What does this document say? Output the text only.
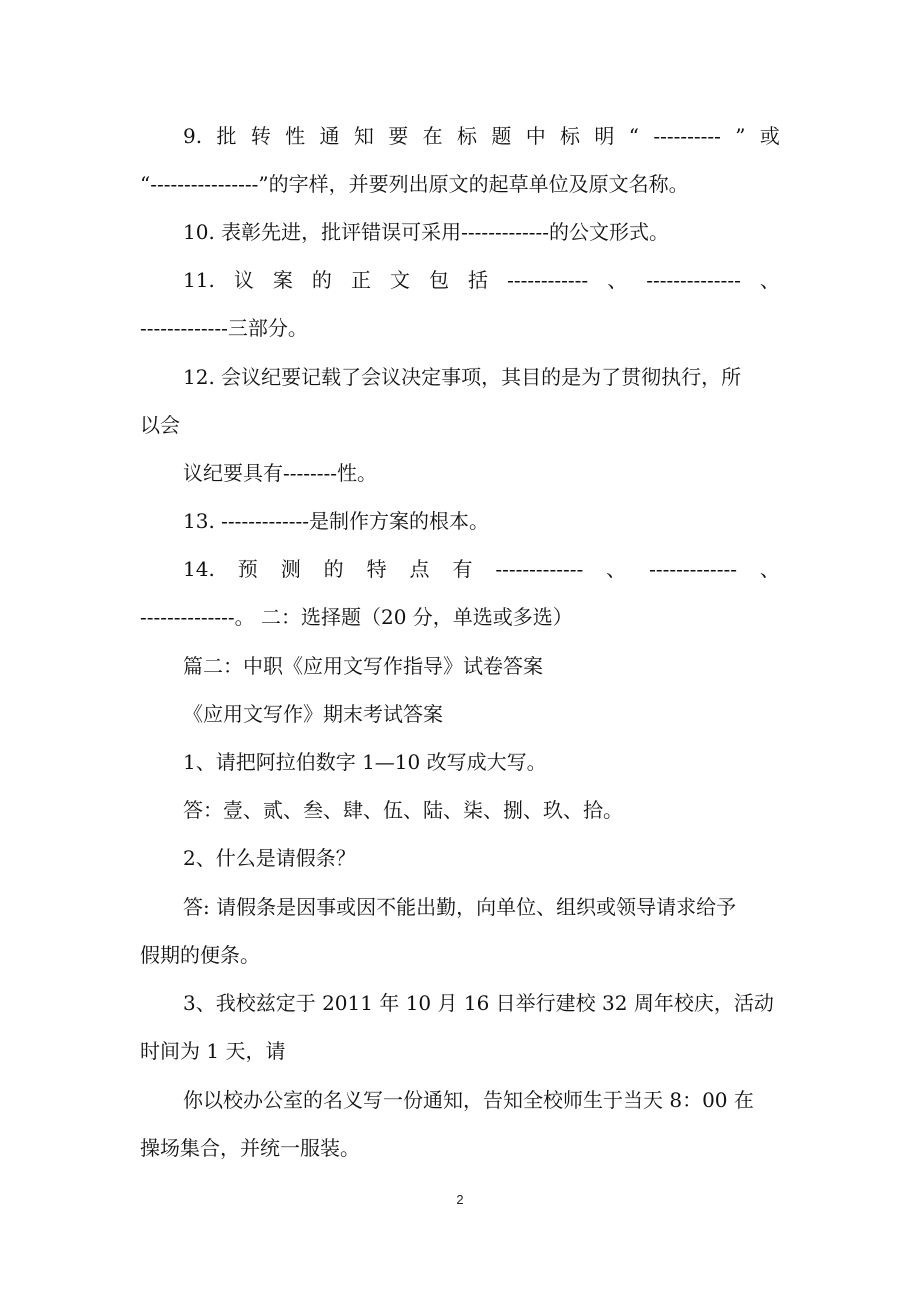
9. 批 转 性 通 知 要 在 标 题 中 标 明 “ ---------- ” 或
“----------------”的字样，并要列出原文的起草单位及原文名称。
10. 表彰先进，批评错误可采用-------------的公文形式。
11. 议 案 的 正 文 包 括 ------------ 、 -------------- 、
-------------三部分。
12. 会议纪要记载了会议决定事项，其目的是为了贯彻执行，所
以会
议纪要具有--------性。
13. -------------是制作方案的根本。
14. 预 测 的 特 点 有 ------------- 、 ------------- 、
--------------。 二：选择题（20 分，单选或多选）
篇二：中职《应用文写作指导》试卷答案
《应用文写作》期末考试答案
1、请把阿拉伯数字 1—10 改写成大写。
答：壹、贰、叁、肆、伍、陆、柒、捌、玖、拾。
2、什么是请假条？
答: 请假条是因事或因不能出勤，向单位、组织或领导请求给予
假期的便条。
3、我校兹定于 2011 年 10 月 16 日举行建校 32 周年校庆，活动
时间为 1 天，请
你以校办公室的名义写一份通知，告知全校师生于当天 8：00 在
操场集合，并统一服装。
2
